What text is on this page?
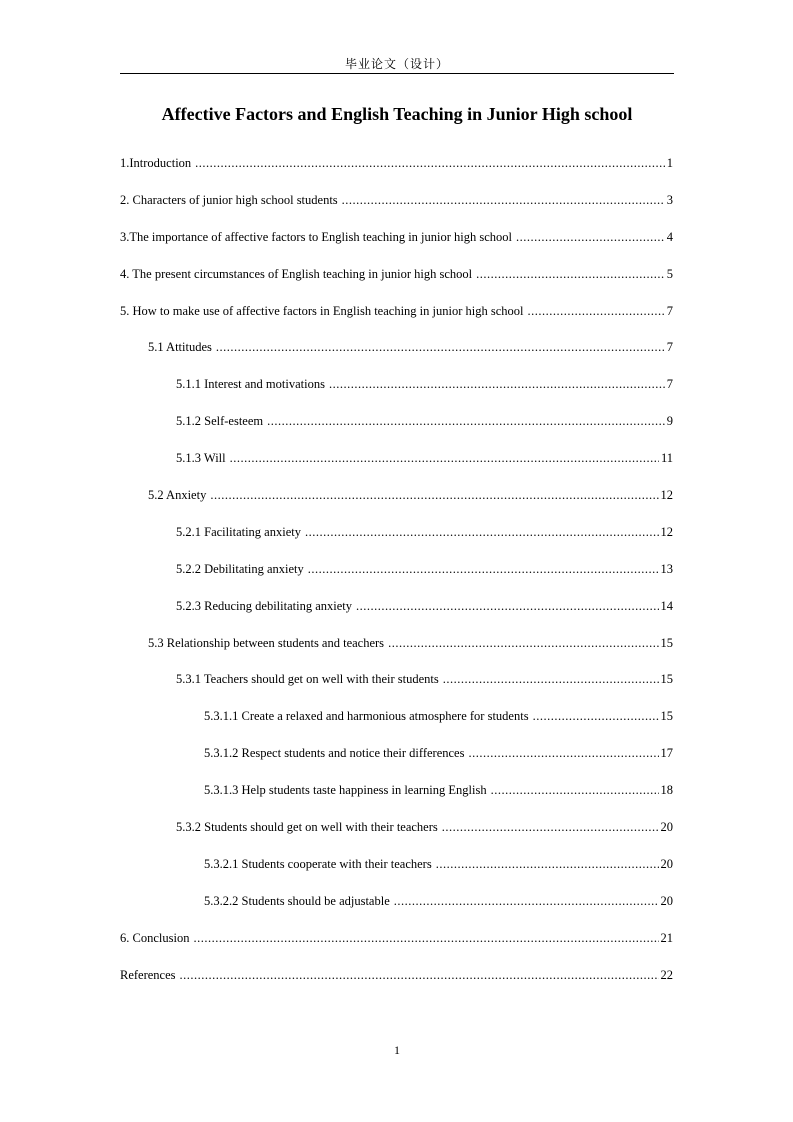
毕业论文（设计）
Affective Factors and English Teaching in Junior High school
1.Introduction .....	1
2. Characters of junior high school students .....	3
3.The importance of affective factors to English teaching in junior high school .....	4
4. The present circumstances of English teaching in junior high school .....	5
5. How to make use of affective factors in English teaching in junior high school .....	7
5.1 Attitudes .....	7
5.1.1 Interest and motivations .....	7
5.1.2 Self-esteem .....	9
5.1.3 Will .....	11
5.2 Anxiety .....	12
5.2.1 Facilitating anxiety .....	12
5.2.2 Debilitating anxiety .....	13
5.2.3 Reducing debilitating anxiety .....	14
5.3 Relationship between students and teachers .....	15
5.3.1 Teachers should get on well with their students .....	15
5.3.1.1 Create a relaxed and harmonious atmosphere for students .....	15
5.3.1.2 Respect students and notice their differences .....	17
5.3.1.3 Help students taste happiness in learning English .....	18
5.3.2 Students should get on well with their teachers .....	20
5.3.2.1 Students cooperate with their teachers .....	20
5.3.2.2 Students should be adjustable .....	20
6. Conclusion .....	21
References .....	22
1
